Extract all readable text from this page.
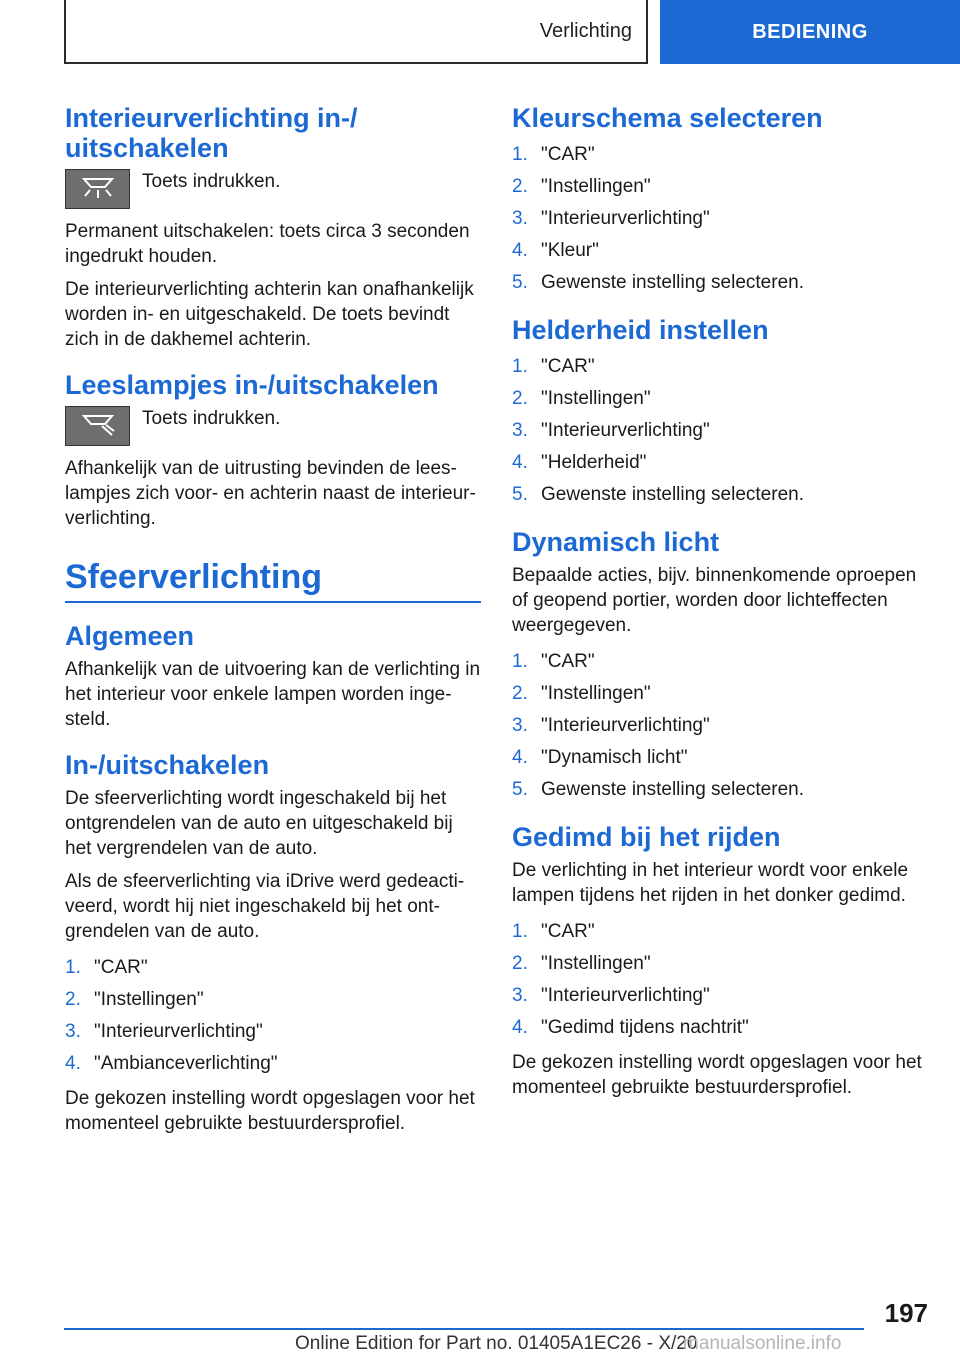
Verlichting	BEDIENING
Interieurverlichting in-/
uitschakelen
Toets indrukken.

Permanent uitschakelen: toets circa 3 seconden ingedrukt houden.

De interieurverlichting achterin kan onafhankelijk worden in- en uitgeschakeld. De toets bevindt zich in de dakhemel achterin.

Leeslampjes in-/uitschakelen
Toets indrukken.

Afhankelijk van de uitrusting bevinden de lees-lampjes zich voor- en achterin naast de interieur-verlichting.

Sfeerverlichting
Algemeen

Afhankelijk van de uitvoering kan de verlichting in het interieur voor enkele lampen worden inge-steld.

In-/uitschakelen

De sfeerverlichting wordt ingeschakeld bij het ontgrendelen van de auto en uitgeschakeld bij het vergrendelen van de auto.

Als de sfeerverlichting via iDrive werd gedeacti-veerd, wordt hij niet ingeschakeld bij het ont-grendelen van de auto.

1. "CAR"
2. "Instellingen"
3. "Interieurverlichting"
4. "Ambianceverlichting"

De gekozen instelling wordt opgeslagen voor het momenteel gebruikte bestuurdersprofiel.

Kleurschema selecteren
1. "CAR"
2. "Instellingen"
3. "Interieurverlichting"
4. "Kleur"
5. Gewenste instelling selecteren.
Helderheid instellen
1. "CAR"
2. "Instellingen"
3. "Interieurverlichting"
4. "Helderheid"
5. Gewenste instelling selecteren.
Dynamisch licht

Bepaalde acties, bijv. binnenkomende oproepen of geopend portier, worden door lichteffecten weergegeven.

1. "CAR"
2. "Instellingen"
3. "Interieurverlichting"
4. "Dynamisch licht"
5. Gewenste instelling selecteren.
Gedimd bij het rijden

De verlichting in het interieur wordt voor enkele lampen tijdens het rijden in het donker gedimd.

1. "CAR"
2. "Instellingen"
3. "Interieurverlichting"
4. "Gedimd tijdens nachtrit"

De gekozen instelling wordt opgeslagen voor het momenteel gebruikte bestuurdersprofiel.

197
Online Edition for Part no. 01405A1EC26 - X/20
manualsonline.info
